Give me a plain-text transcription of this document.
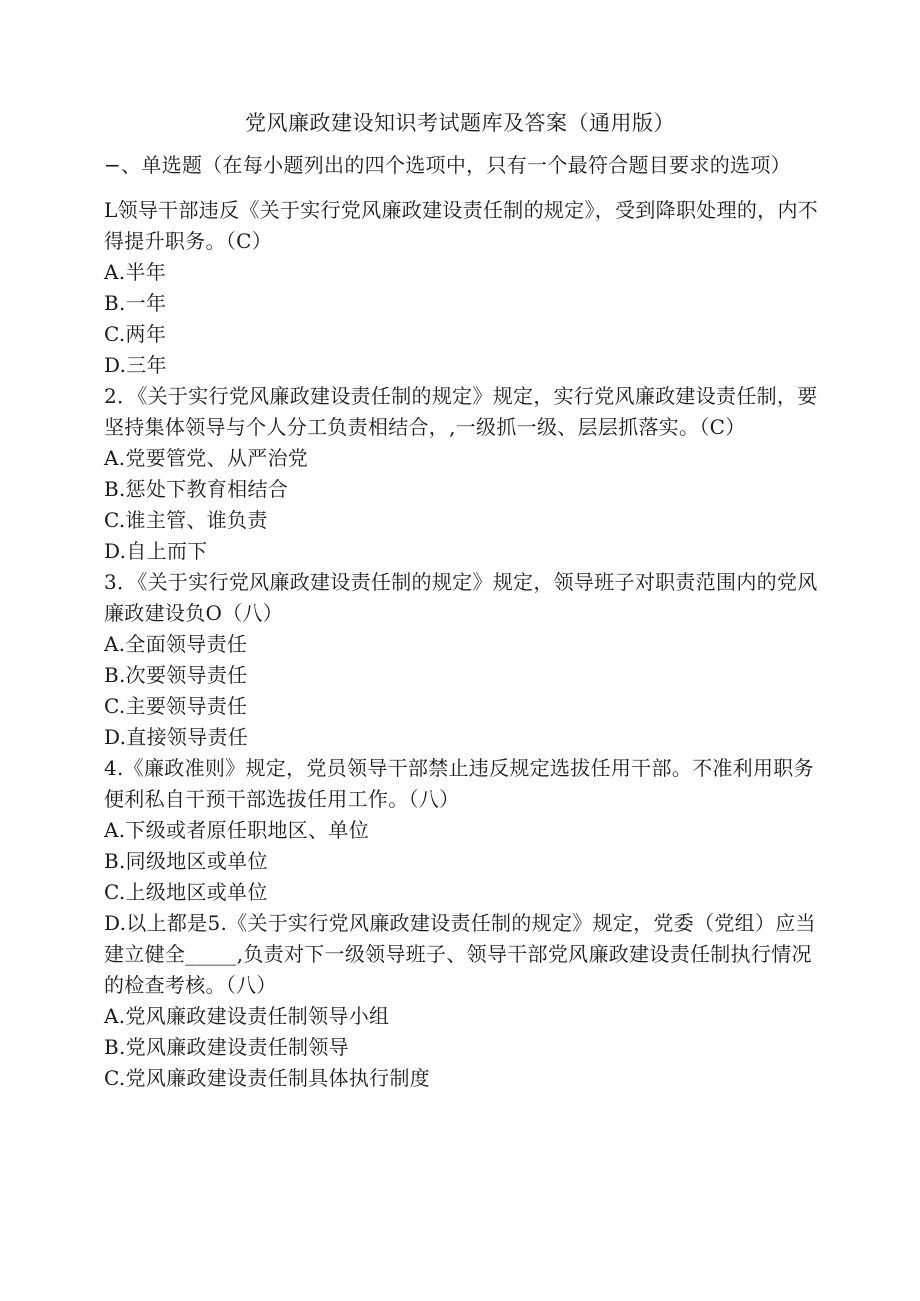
党风廉政建设知识考试题库及答案（通用版）

−、单选题（在每小题列出的四个选项中，只有一个最符合题目要求的选项）

L领导干部违反《关于实行党风廉政建设责任制的规定》，受到降职处理的，内不得提升职务。（C）

A.半年

B.一年

C.两年

D.三年

2．《关于实行党风廉政建设责任制的规定》规定，实行党风廉政建设责任制，要坚持集体领导与个人分工负责相结合，,一级抓一级、层层抓落实。（C）

A.党要管党、从严治党

B.惩处下教育相结合

C.谁主管、谁负责

D.自上而下

3．《关于实行党风廉政建设责任制的规定》规定，领导班子对职责范围内的党风廉政建设负O（八）

A.全面领导责任

B.次要领导责任

C.主要领导责任

D.直接领导责任

4.《廉政准则》规定，党员领导干部禁止违反规定选拔任用干部。不准利用职务便利私自干预干部选拔任用工作。（八）

A.下级或者原任职地区、单位

B.同级地区或单位

C.上级地区或单位

D.以上都是5.《关于实行党风廉政建设责任制的规定》规定，党委（党组）应当建立健全_____,负责对下一级领导班子、领导干部党风廉政建设责任制执行情况的检查考核。（八）

A.党风廉政建设责任制领导小组

B.党风廉政建设责任制领导

C.党风廉政建设责任制具体执行制度
